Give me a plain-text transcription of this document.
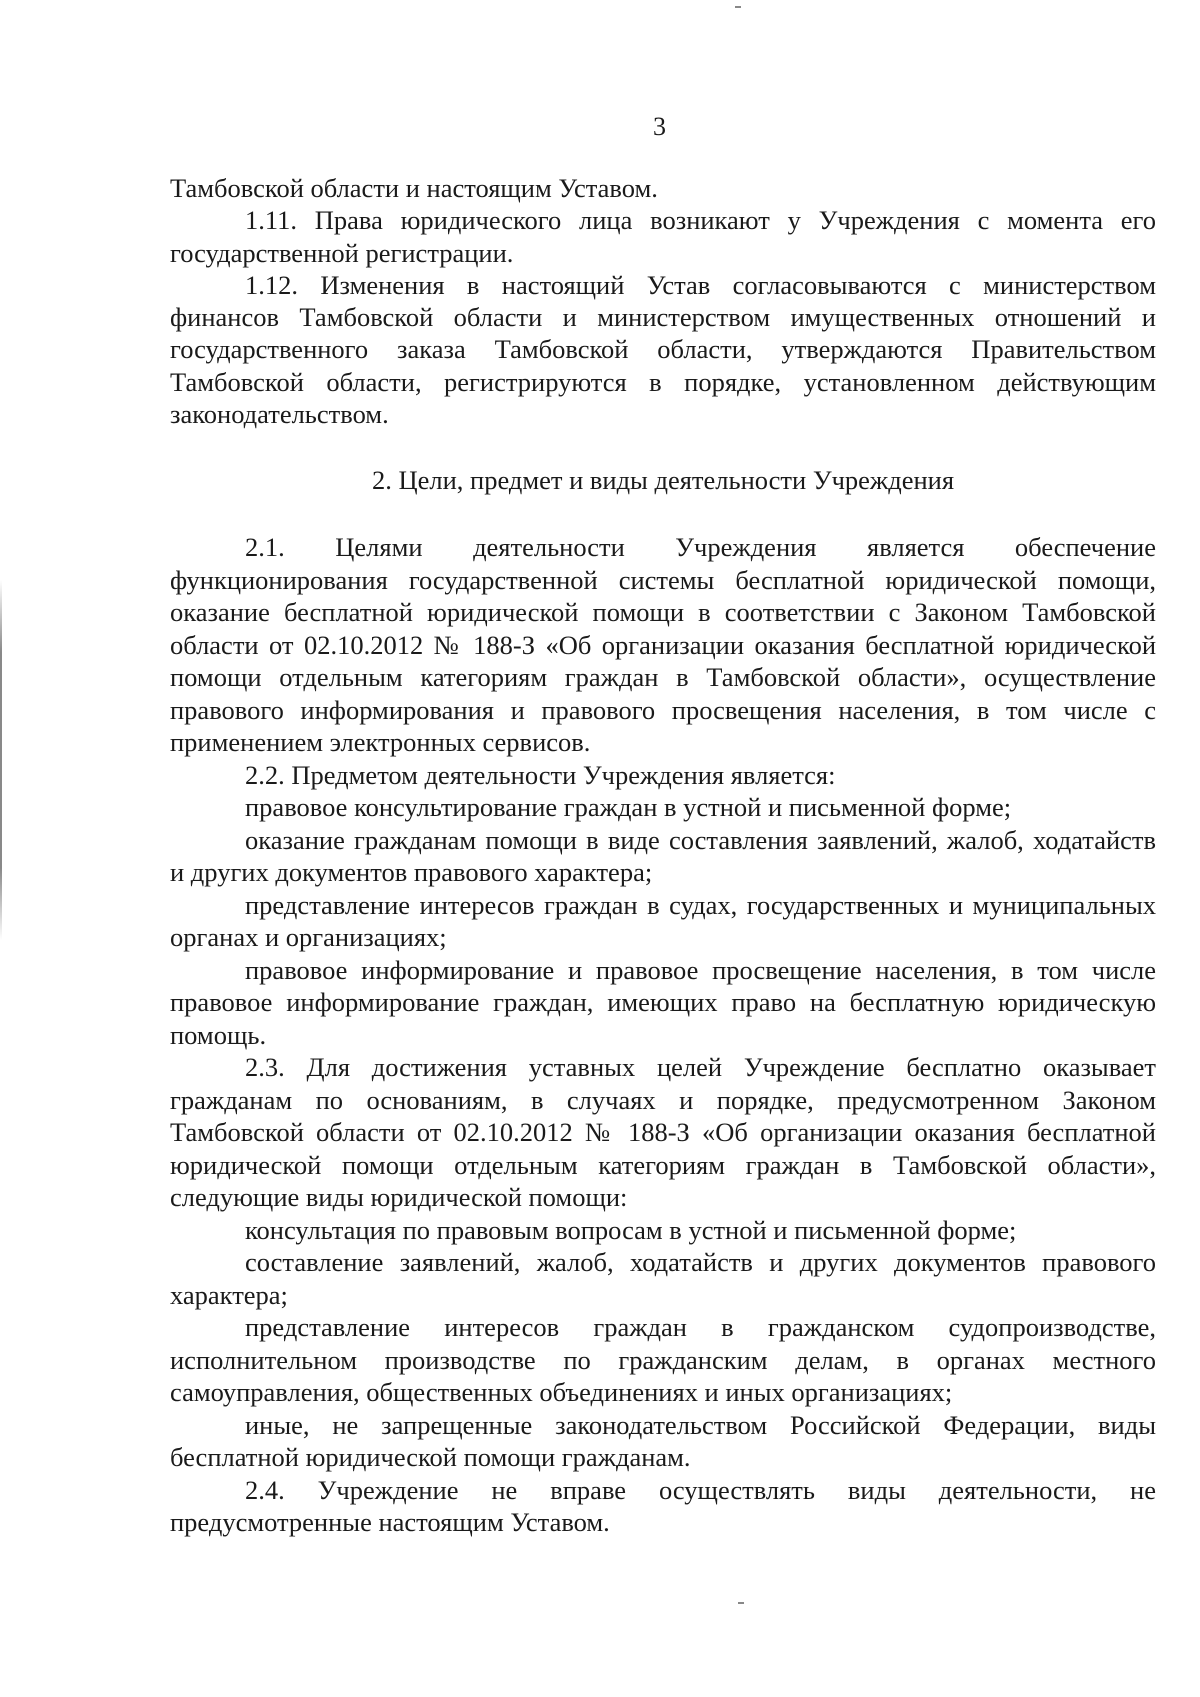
3

Тамбовской области и настоящим Уставом.

1.11. Права юридического лица возникают у Учреждения с момента его государственной регистрации.

1.12. Изменения в настоящий Устав согласовываются с министерством финансов Тамбовской области и министерством имущественных отношений и государственного заказа Тамбовской области, утверждаются Правительством Тамбовской области, регистрируются в порядке, установленном действующим законодательством.

2. Цели, предмет и виды деятельности Учреждения

2.1. Целями деятельности Учреждения является обеспечение функционирования государственной системы бесплатной юридической помощи, оказание бесплатной юридической помощи в соответствии с Законом Тамбовской области от 02.10.2012 № 188-З «Об организации оказания бесплатной юридической помощи отдельным категориям граждан в Тамбовской области», осуществление правового информирования и правового просвещения населения, в том числе с применением электронных сервисов.

2.2. Предметом деятельности Учреждения является:

правовое консультирование граждан в устной и письменной форме;

оказание гражданам помощи в виде составления заявлений, жалоб, ходатайств и других документов правового характера;

представление интересов граждан в судах, государственных и муниципальных органах и организациях;

правовое информирование и правовое просвещение населения, в том числе правовое информирование граждан, имеющих право на бесплатную юридическую помощь.

2.3. Для достижения уставных целей Учреждение бесплатно оказывает гражданам по основаниям, в случаях и порядке, предусмотренном Законом Тамбовской области от 02.10.2012 № 188-З «Об организации оказания бесплатной юридической помощи отдельным категориям граждан в Тамбовской области», следующие виды юридической помощи:

консультация по правовым вопросам в устной и письменной форме;

составление заявлений, жалоб, ходатайств и других документов правового характера;

представление интересов граждан в гражданском судопроизводстве, исполнительном производстве по гражданским делам, в органах местного самоуправления, общественных объединениях и иных организациях;

иные, не запрещенные законодательством Российской Федерации, виды бесплатной юридической помощи гражданам.

2.4. Учреждение не вправе осуществлять виды деятельности, не предусмотренные настоящим Уставом.
